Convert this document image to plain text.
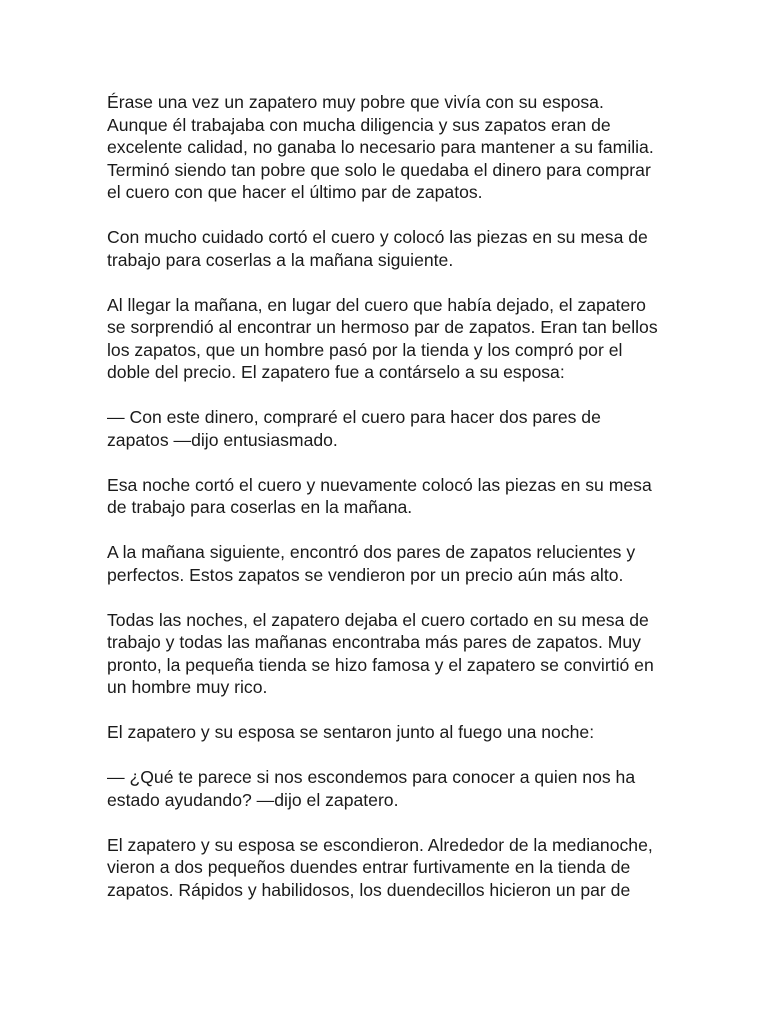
Érase una vez un zapatero muy pobre que vivía con su esposa.
Aunque él trabajaba con mucha diligencia y sus zapatos eran de
excelente calidad, no ganaba lo necesario para mantener a su familia.
Terminó siendo tan pobre que solo le quedaba el dinero para comprar
el cuero con que hacer el último par de zapatos.

Con mucho cuidado cortó el cuero y colocó las piezas en su mesa de
trabajo para coserlas a la mañana siguiente.

Al llegar la mañana, en lugar del cuero que había dejado, el zapatero
se sorprendió al encontrar un hermoso par de zapatos. Eran tan bellos
los zapatos, que un hombre pasó por la tienda y los compró por el
doble del precio. El zapatero fue a contárselo a su esposa:

— Con este dinero, compraré el cuero para hacer dos pares de
zapatos —dijo entusiasmado.

Esa noche cortó el cuero y nuevamente colocó las piezas en su mesa
de trabajo para coserlas en la mañana.

A la mañana siguiente, encontró dos pares de zapatos relucientes y
perfectos. Estos zapatos se vendieron por un precio aún más alto.

Todas las noches, el zapatero dejaba el cuero cortado en su mesa de
trabajo y todas las mañanas encontraba más pares de zapatos. Muy
pronto, la pequeña tienda se hizo famosa y el zapatero se convirtió en
un hombre muy rico.

El zapatero y su esposa se sentaron junto al fuego una noche:

— ¿Qué te parece si nos escondemos para conocer a quien nos ha
estado ayudando? —dijo el zapatero.

El zapatero y su esposa se escondieron. Alrededor de la medianoche,
vieron a dos pequeños duendes entrar furtivamente en la tienda de
zapatos. Rápidos y habilidosos, los duendecillos hicieron un par de
